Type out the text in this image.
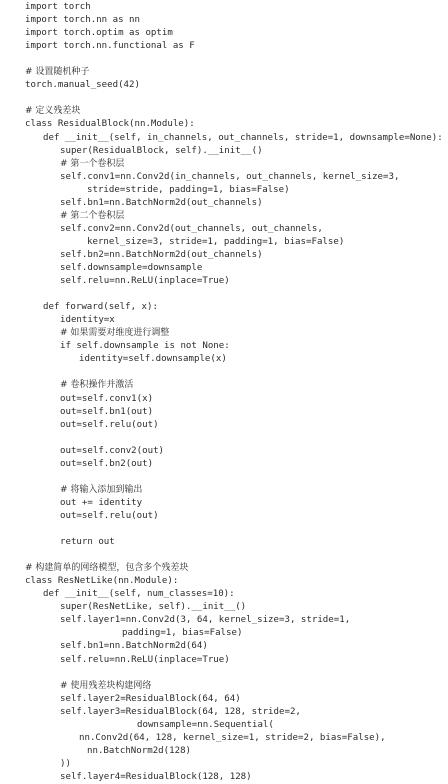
import torch
import torch.nn as nn
import torch.optim as optim
import torch.nn.functional as F
# 设置随机种子
torch.manual_seed(42)
# 定义残差块
class ResidualBlock(nn.Module):
def __init__(self, in_channels, out_channels, stride=1, downsample=None):
super(ResidualBlock, self).__init__()
# 第一个卷积层
self.conv1=nn.Conv2d(in_channels, out_channels, kernel_size=3,
stride=stride, padding=1, bias=False)
self.bn1=nn.BatchNorm2d(out_channels)
# 第二个卷积层
self.conv2=nn.Conv2d(out_channels, out_channels,
kernel_size=3, stride=1, padding=1, bias=False)
self.bn2=nn.BatchNorm2d(out_channels)
self.downsample=downsample
self.relu=nn.ReLU(inplace=True)
def forward(self, x):
identity=x
# 如果需要对维度进行调整
if self.downsample is not None:
identity=self.downsample(x)
# 卷积操作并激活
out=self.conv1(x)
out=self.bn1(out)
out=self.relu(out)
out=self.conv2(out)
out=self.bn2(out)
# 将输入添加到输出
out += identity
out=self.relu(out)
return out
# 构建简单的网络模型，包含多个残差块
class ResNetLike(nn.Module):
def __init__(self, num_classes=10):
super(ResNetLike, self).__init__()
self.layer1=nn.Conv2d(3, 64, kernel_size=3, stride=1,
padding=1, bias=False)
self.bn1=nn.BatchNorm2d(64)
self.relu=nn.ReLU(inplace=True)
# 使用残差块构建网络
self.layer2=ResidualBlock(64, 64)
self.layer3=ResidualBlock(64, 128, stride=2,
downsample=nn.Sequential(
nn.Conv2d(64, 128, kernel_size=1, stride=2, bias=False),
nn.BatchNorm2d(128)
))
self.layer4=ResidualBlock(128, 128)
